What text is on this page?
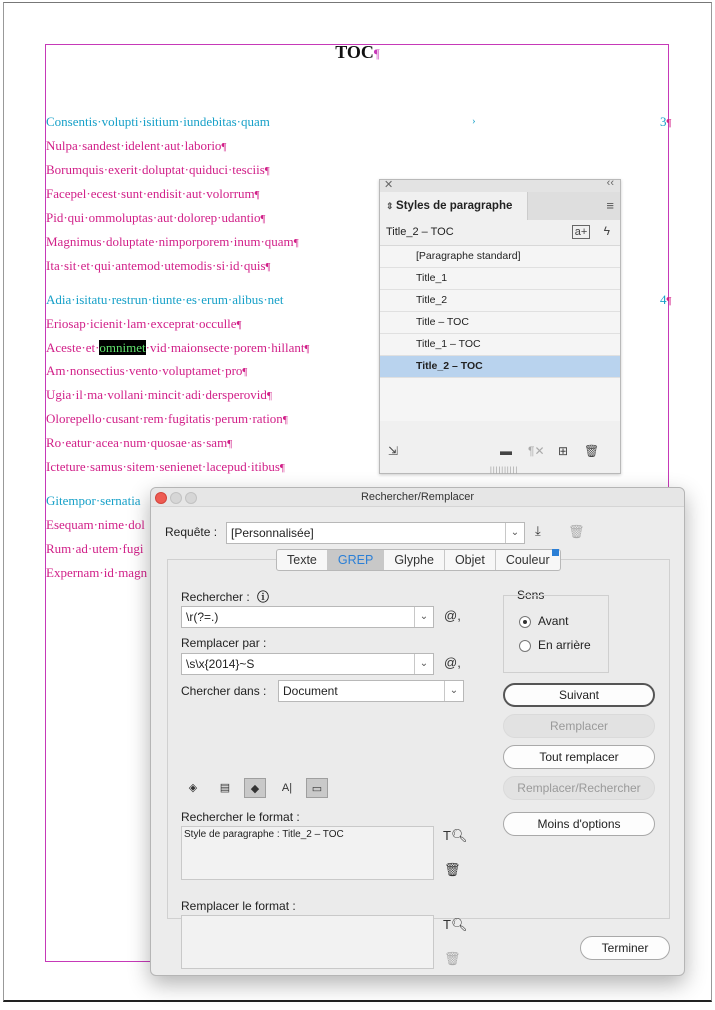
TOC¶
Consentis·volupti·isitium·iundebitas·quam	›	3¶
Nulpa·sandest·idelent·aut·laborio¶
Borumquis·exerit·doluptat·quiduci·tesciis¶
Facepel·ecest·sunt·endisit·aut·volorrum¶
Pid·qui·ommoluptas·aut·dolorep·udantio¶
Magnimus·doluptate·nimporporem·inum·quam¶
Ita·sit·et·qui·antemod·utemodis·si·id·quis¶
Adia·isitatu·restrun·tiunte·es·erum·alibus·net	4¶
Eriosap·icienit·lam·exceprat·occulle¶
Aceste·et·omnimet·vid·maionsecte·porem·hillant¶
Am·nonsectius·vento·voluptamet·pro¶
Ugia·il·ma·vollani·mincit·adi·dersperovid¶
Olorepello·cusant·rem·fugitatis·perum·ration¶
Ro·eatur·acea·num·quosae·as·sam¶
Icteture·samus·sitem·senienet·lacepud·itibus¶
Gitempor·sernatia
Esequam·nime·dol
Rum·ad·utem·fugi
Expernam·id·magn
✕	‹‹
⇕ Styles de paragraphe	≡
Title_2 – TOC	a+ ϟ
[Paragraphe standard]
Title_1
Title_2
Title – TOC
Title_1 – TOC
Title_2 – TOC
⇲	▬ ¶✕ ⊞ 🗑
||||||||||
Rechercher/Remplacer
Requête :	[Personnalisée]	⌄	⤓ 🗑
Rechercher : ⓘ
\r(?=.)	⌄	@,
Remplacer par :
\s\x{2014}~S	⌄	@,
Chercher dans :	Document	⌄
◈	▤	◆	A|	▭
Rechercher le format :
Style de paragraphe : Title_2 – TOC	T🔍︎
🗑
Remplacer le format :
T🔍︎
🗑
Sens
Avant
En arrière
Texte	GREP	Glyphe	Objet	Couleur
Suivant
Remplacer
Tout remplacer
Remplacer/Rechercher
Moins d'options
Terminer
